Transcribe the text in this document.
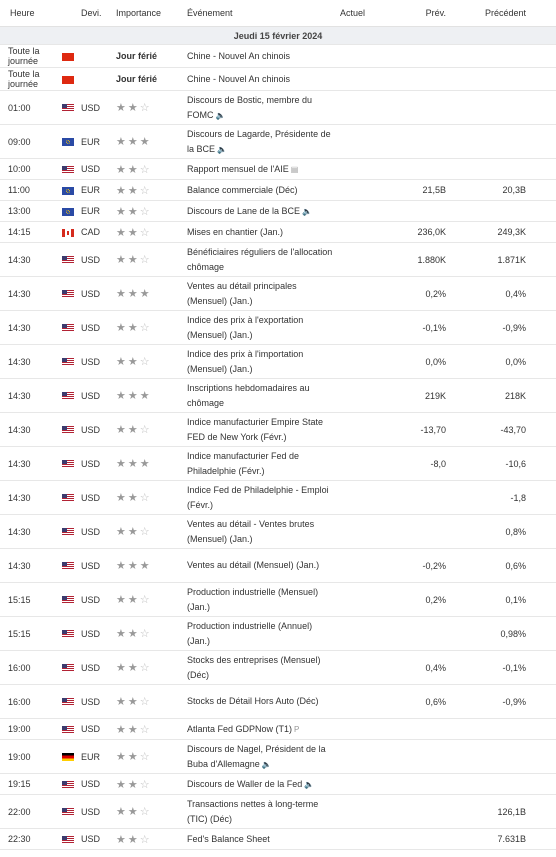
Heure		Devi.	Importance	Événement	Actuel	Prév.	Précédent
Jeudi 15 février 2024							
Toute la journée			Jour férié	Chine - Nouvel An chinois			
Toute la journée			Jour férié	Chine - Nouvel An chinois			
01:00		USD	★★☆	Discours de Bostic, membre du FOMC 🔈			
09:00		EUR	★★★	Discours de Lagarde, Présidente de la BCE 🔈			
10:00		USD	★★☆	Rapport mensuel de l'AIE ▤			
11:00		EUR	★★☆	Balance commerciale (Déc)		21,5B	20,3B
13:00		EUR	★★☆	Discours de Lane de la BCE 🔈			
14:15		CAD	★★☆	Mises en chantier (Jan.)		236,0K	249,3K
14:30		USD	★★☆	Bénéficiaires réguliers de l'allocation chômage		1.880K	1.871K
14:30		USD	★★★	Ventes au détail principales (Mensuel) (Jan.)		0,2%	0,4%
14:30		USD	★★☆	Indice des prix à l'exportation (Mensuel) (Jan.)		-0,1%	-0,9%
14:30		USD	★★☆	Indice des prix à l'importation (Mensuel) (Jan.)		0,0%	0,0%
14:30		USD	★★★	Inscriptions hebdomadaires au chômage		219K	218K
14:30		USD	★★☆	Indice manufacturier Empire State FED de New York (Févr.)		-13,70	-43,70
14:30		USD	★★★	Indice manufacturier Fed de Philadelphie (Févr.)		-8,0	-10,6
14:30		USD	★★☆	Indice Fed de Philadelphie - Emploi (Févr.)			-1,8
14:30		USD	★★☆	Ventes au détail - Ventes brutes (Mensuel) (Jan.)			0,8%
14:30		USD	★★★	Ventes au détail (Mensuel) (Jan.)		-0,2%	0,6%
15:15		USD	★★☆	Production industrielle (Mensuel) (Jan.)		0,2%	0,1%
15:15		USD	★★☆	Production industrielle (Annuel) (Jan.)			0,98%
16:00		USD	★★☆	Stocks des entreprises (Mensuel) (Déc)		0,4%	-0,1%
16:00		USD	★★☆	Stocks de Détail Hors Auto (Déc)		0,6%	-0,9%
19:00		USD	★★☆	Atlanta Fed GDPNow (T1) P			
19:00		EUR	★★☆	Discours de Nagel, Président de la Buba d'Allemagne 🔈			
19:15		USD	★★☆	Discours de Waller de la Fed 🔈			
22:00		USD	★★☆	Transactions nettes à long-terme (TIC) (Déc)			126,1B
22:30		USD	★★☆	Fed's Balance Sheet			7.631B
